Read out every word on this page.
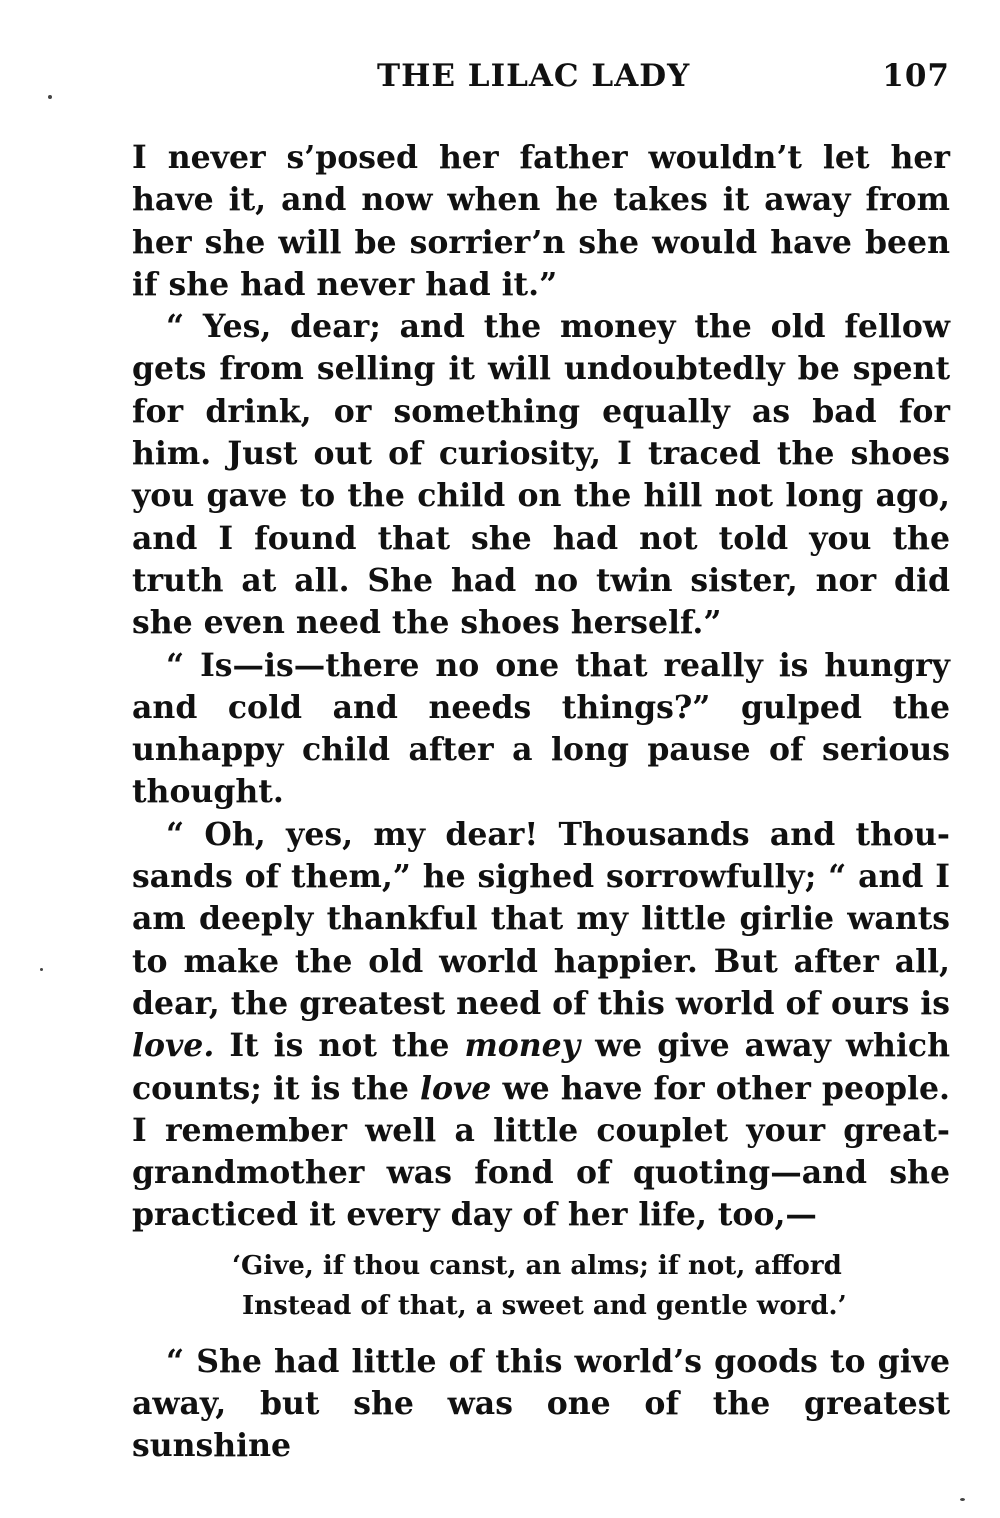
THE LILAC LADY	107

I never s’posed her father wouldn’t let her have it, and now when he takes it away from her she will be sorrier’n she would have been if she had never had it.”

“ Yes, dear; and the money the old fellow gets from selling it will undoubtedly be spent for drink, or something equally as bad for him. Just out of curiosity, I traced the shoes you gave to the child on the hill not long ago, and I found that she had not told you the truth at all. She had no twin sister, nor did she even need the shoes herself.”

“ Is—is—there no one that really is hungry and cold and needs things?” gulped the unhappy child after a long pause of serious thought.

“ Oh, yes, my dear! Thousands and thousands of them,” he sighed sorrowfully; “ and I am deeply thankful that my little girlie wants to make the old world happier. But after all, dear, the greatest need of this world of ours is love. It is not the money we give away which counts; it is the love we have for other people. I remember well a little couplet your great-grandmother was fond of quoting—and she practiced it every day of her life, too,—

‘Give, if thou canst, an alms; if not, afford
Instead of that, a sweet and gentle word.’

“ She had little of this world’s goods to give away, but she was one of the greatest sunshine
